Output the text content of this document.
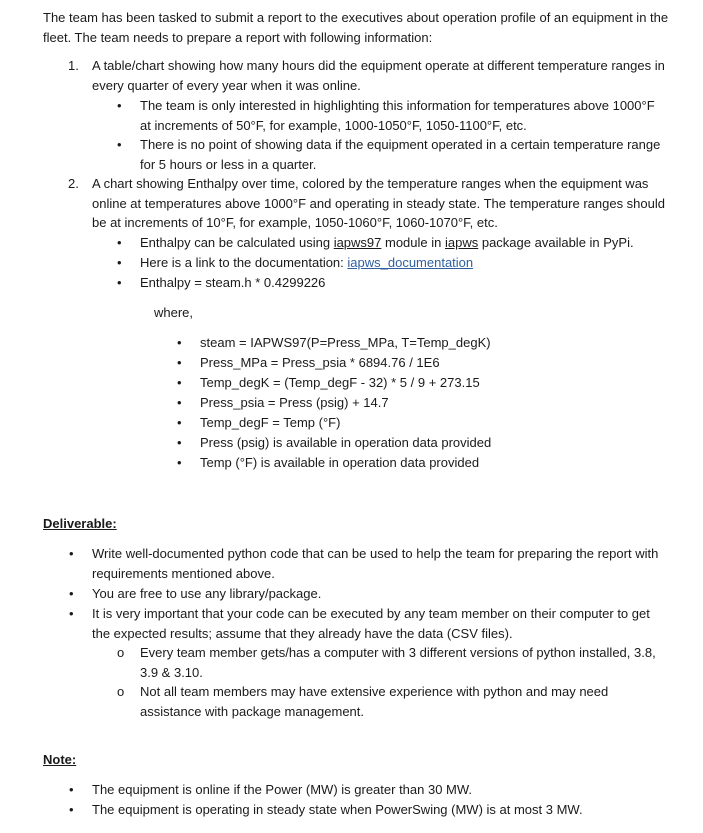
The team has been tasked to submit a report to the executives about operation profile of an equipment in the fleet. The team needs to prepare a report with following information:

1. A table/chart showing how many hours did the equipment operate at different temperature ranges in every quarter of every year when it was online.

• The team is only interested in highlighting this information for temperatures above 1000°F at increments of 50°F, for example, 1000-1050°F, 1050-1100°F, etc.

• There is no point of showing data if the equipment operated in a certain temperature range for 5 hours or less in a quarter.

2. A chart showing Enthalpy over time, colored by the temperature ranges when the equipment was online at temperatures above 1000°F and operating in steady state. The temperature ranges should be at increments of 10°F, for example, 1050-1060°F, 1060-1070°F, etc.

• Enthalpy can be calculated using iapws97 module in iapws package available in PyPi.

• Here is a link to the documentation: iapws_documentation

• Enthalpy = steam.h * 0.4299226

where,

• steam = IAPWS97(P=Press_MPa, T=Temp_degK)

• Press_MPa = Press_psia * 6894.76 / 1E6

• Temp_degK = (Temp_degF - 32) * 5 / 9 + 273.15

• Press_psia = Press (psig) + 14.7

• Temp_degF = Temp (°F)

• Press (psig) is available in operation data provided

• Temp (°F) is available in operation data provided

Deliverable:

• Write well-documented python code that can be used to help the team for preparing the report with requirements mentioned above.

• You are free to use any library/package.

• It is very important that your code can be executed by any team member on their computer to get the expected results; assume that they already have the data (CSV files).

o Every team member gets/has a computer with 3 different versions of python installed, 3.8, 3.9 & 3.10.

o Not all team members may have extensive experience with python and may need assistance with package management.

Note:

• The equipment is online if the Power (MW) is greater than 30 MW.

• The equipment is operating in steady state when PowerSwing (MW) is at most 3 MW.
